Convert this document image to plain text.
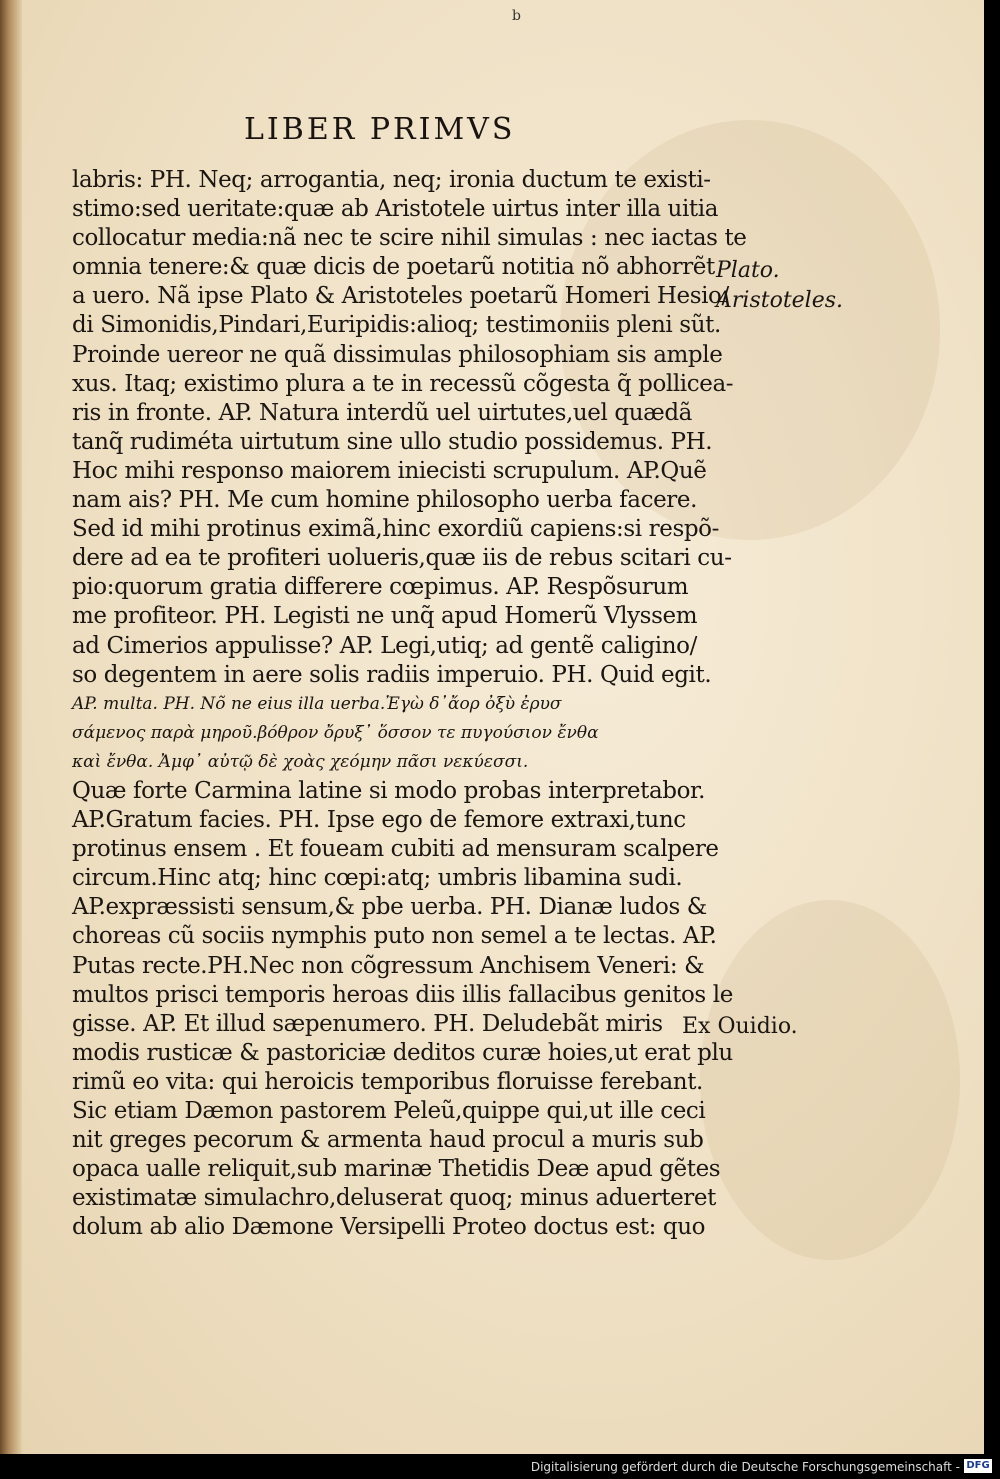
b
LIBER PRIMVS
labris: PH. Neq; arrogantia, neq; ironia ductum te existi-
stimo:sed ueritate:quæ ab Aristotele uirtus inter illa uitia
collocatur media:nã nec te scire nihil simulas : nec iactas te
omnia tenere:& quæ dicis de poetarũ notitia nõ abhorrẽt
a uero. Nã ipse Plato & Aristoteles poetarũ Homeri Hesio/
di Simonidis,Pindari,Euripidis:alioq; testimoniis pleni sũt.
Proinde uereor ne quã dissimulas philosophiam sis ample
xus. Itaq; existimo plura a te in recessũ cõgesta q̃ pollicea-
ris in fronte. AP. Natura interdũ uel uirtutes,uel quædã
tanq̃ rudiméta uirtutum sine ullo studio possidemus. PH.
Hoc mihi responso maiorem iniecisti scrupulum. AP.Quẽ
nam ais? PH. Me cum homine philosopho uerba facere.
Sed id mihi protinus eximã,hinc exordiũ capiens:si respõ-
dere ad ea te profiteri uolueris,quæ iis de rebus scitari cu-
pio:quorum gratia differere cœpimus. AP. Respõsurum
me profiteor. PH. Legisti ne unq̃ apud Homerũ Vlyssem
ad Cimerios appulisse? AP. Legi,utiq; ad gentẽ caligino/
so degentem in aere solis radiis imperuio. PH. Quid egit.
AP. multa. PH. Nõ ne eius illa uerba.Ἐγὼ δ᾽ἄορ ὀξὺ ἐρυσ
σάμενος παρὰ μηροῦ.βόθρον ὄρυξ᾽ ὅσσον τε πυγούσιον ἔνθα
καὶ ἔνθα. Ἀμφ᾽ αὐτῷ δὲ χοὰς χεόμην πᾶσι νεκύεσσι.
Quæ forte Carmina latine si modo probas interpretabor.
AP.Gratum facies. PH. Ipse ego de femore extraxi,tunc
protinus ensem . Et foueam cubiti ad mensuram scalpere
circum.Hinc atq; hinc cœpi:atq; umbris libamina sudi.
AP.expræssisti sensum,& pbe uerba. PH. Dianæ ludos &
choreas cũ sociis nymphis puto non semel a te lectas. AP.
Putas recte.PH.Nec non cõgressum Anchisem Veneri: &
multos prisci temporis heroas diis illis fallacibus genitos le
gisse. AP. Et illud sæpenumero. PH. Deludebãt miris
modis rusticæ & pastoriciæ deditos curæ hoies,ut erat plu
rimũ eo vita: qui heroicis temporibus floruisse ferebant.
Sic etiam Dæmon pastorem Peleũ,quippe qui,ut ille ceci
nit greges pecorum & armenta haud procul a muris sub
opaca ualle reliquit,sub marinæ Thetidis Deæ apud gẽtes
existimatæ simulachro,deluserat quoq; minus aduerteret
dolum ab alio Dæmone Versipelli Proteo doctus est: quo
Plato.
Aristoteles.
Ex Ouidio.
Digitalisierung gefördert durch die Deutsche Forschungsgemeinschaft - DFG
